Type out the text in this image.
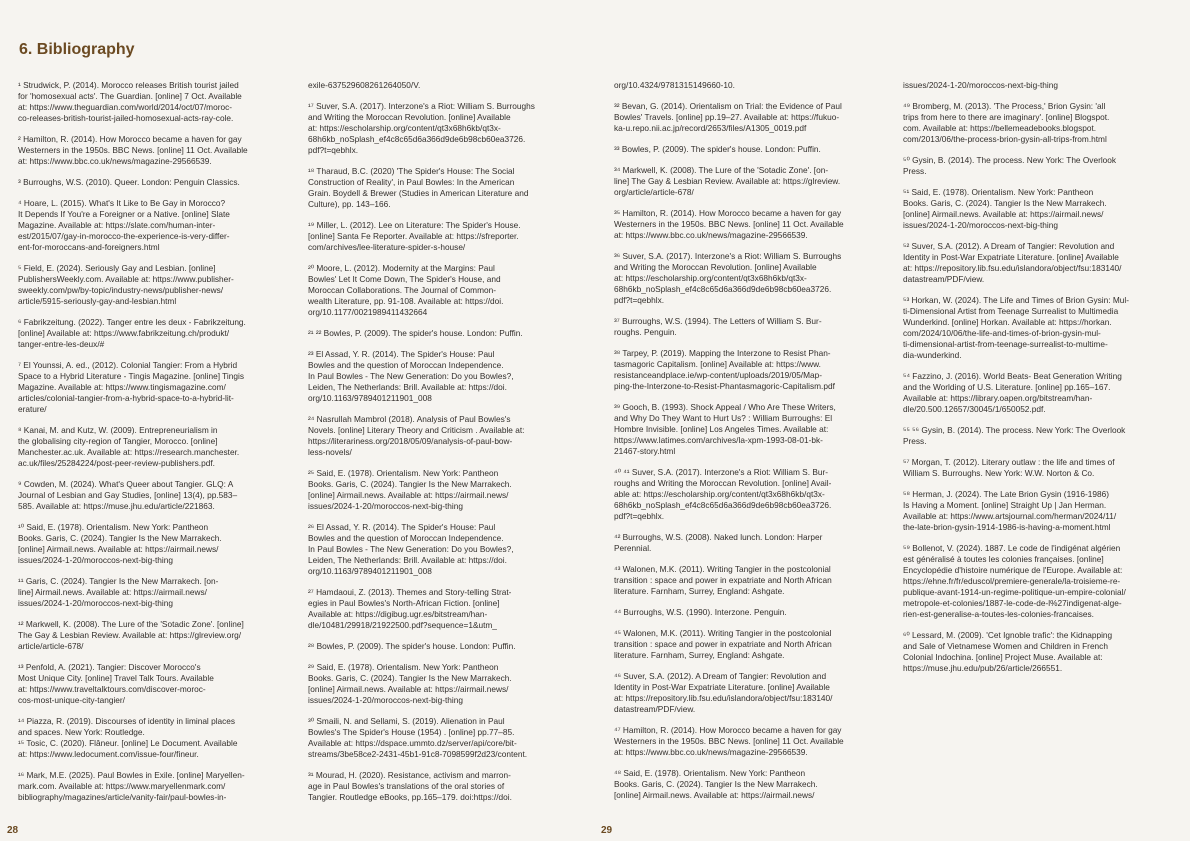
6. Bibliography

¹ Strudwick, P. (2014). Morocco releases British tourist jailed
for 'homosexual acts'. The Guardian. [online] 7 Oct. Available
at: https://www.theguardian.com/world/2014/oct/07/moroc-
co-releases-british-tourist-jailed-homosexual-acts-ray-cole.

² Hamilton, R. (2014). How Morocco became a haven for gay
Westerners in the 1950s. BBC News. [online] 11 Oct. Available
at: https://www.bbc.co.uk/news/magazine-29566539.

³ Burroughs, W.S. (2010). Queer. London: Penguin Classics.

⁴ Hoare, L. (2015). What's It Like to Be Gay in Morocco?
It Depends If You're a Foreigner or a Native. [online] Slate
Magazine. Available at: https://slate.com/human-inter-
est/2015/07/gay-in-morocco-the-experience-is-very-differ-
ent-for-moroccans-and-foreigners.html

⁵ Field, E. (2024). Seriously Gay and Lesbian. [online]
PublishersWeekly.com. Available at: https://www.publisher-
sweekly.com/pw/by-topic/industry-news/publisher-news/
article/5915-seriously-gay-and-lesbian.html

⁶ Fabrikzeitung. (2022). Tanger entre les deux - Fabrikzeitung.
[online] Available at: https://www.fabrikzeitung.ch/produkt/
tanger-entre-les-deux/#

⁷ El Younssi, A. ed., (2012). Colonial Tangier: From a Hybrid
Space to a Hybrid Literature - Tingis Magazine. [online] Tingis
Magazine. Available at: https://www.tingismagazine.com/
articles/colonial-tangier-from-a-hybrid-space-to-a-hybrid-lit-
erature/

⁸ Kanai, M. and Kutz, W. (2009). Entrepreneurialism in
the globalising city-region of Tangier, Morocco. [online]
Manchester.ac.uk. Available at: https://research.manchester.
ac.uk/files/25284224/post-peer-review-publishers.pdf.

⁹ Cowden, M. (2024). What's Queer about Tangier. GLQ: A
Journal of Lesbian and Gay Studies, [online] 13(4), pp.583–
585. Available at: https://muse.jhu.edu/article/221863.

¹⁰ Said, E. (1978). Orientalism. New York: Pantheon
Books. Garis, C. (2024). Tangier Is the New Marrakech.
[online] Airmail.news. Available at: https://airmail.news/
issues/2024-1-20/moroccos-next-big-thing

¹¹ Garis, C. (2024). Tangier Is the New Marrakech. [on-
line] Airmail.news. Available at: https://airmail.news/
issues/2024-1-20/moroccos-next-big-thing

¹² Markwell, K. (2008). The Lure of the 'Sotadic Zone'. [online]
The Gay & Lesbian Review. Available at: https://glreview.org/
article/article-678/

¹³ Penfold, A. (2021). Tangier: Discover Morocco's
Most Unique City. [online] Travel Talk Tours. Available
at: https://www.traveltalktours.com/discover-moroc-
cos-most-unique-city-tangier/

¹⁴ Piazza, R. (2019). Discourses of identity in liminal places
and spaces. New York: Routledge.
¹⁵ Tosic, C. (2020). Flâneur. [online] Le Document. Available
at: https://www.ledocument.com/issue-four/fineur.

¹⁶ Mark, M.E. (2025). Paul Bowles in Exile. [online] Maryellen-
mark.com. Available at: https://www.maryellenmark.com/
bibliography/magazines/article/vanity-fair/paul-bowles-in-

exile-637529608261264050/V.

¹⁷ Suver, S.A. (2017). Interzone's a Riot: William S. Burroughs
and Writing the Moroccan Revolution. [online] Available
at: https://escholarship.org/content/qt3x68h6kb/qt3x-
68h6kb_noSplash_ef4c8c65d6a366d9de6b98cb60ea3726.
pdf?t=qebhlx.

¹⁸ Tharaud, B.C. (2020) 'The Spider's House: The Social
Construction of Reality', in Paul Bowles: In the American
Grain. Boydell & Brewer (Studies in American Literature and
Culture), pp. 143–166.

¹⁹ Miller, L. (2012). Lee on Literature: The Spider's House.
[online] Santa Fe Reporter. Available at: https://sfreporter.
com/archives/lee-literature-spider-s-house/

²⁰ Moore, L. (2012). Modernity at the Margins: Paul
Bowles' Let It Come Down, The Spider's House, and
Moroccan Collaborations. The Journal of Common-
wealth Literature, pp. 91-108. Available at: https://doi.
org/10.1177/0021989411432664

²¹ ²² Bowles, P. (2009). The spider's house. London: Puffin.

²³ El Assad, Y. R. (2014). The Spider's House: Paul
Bowles and the question of Moroccan Independence.
In Paul Bowles - The New Generation: Do you Bowles?,
Leiden, The Netherlands: Brill. Available at: https://doi.
org/10.1163/9789401211901_008

²⁴ Nasrullah Mambrol (2018). Analysis of Paul Bowles's
Novels. [online] Literary Theory and Criticism . Available at:
https://literariness.org/2018/05/09/analysis-of-paul-bow-
less-novels/

²⁵ Said, E. (1978). Orientalism. New York: Pantheon
Books. Garis, C. (2024). Tangier Is the New Marrakech.
[online] Airmail.news. Available at: https://airmail.news/
issues/2024-1-20/moroccos-next-big-thing

²⁶ El Assad, Y. R. (2014). The Spider's House: Paul
Bowles and the question of Moroccan Independence.
In Paul Bowles - The New Generation: Do you Bowles?,
Leiden, The Netherlands: Brill. Available at: https://doi.
org/10.1163/9789401211901_008

²⁷ Hamdaoui, Z. (2013). Themes and Story-telling Strat-
egies in Paul Bowles's North-African Fiction. [online]
Available at: https://digibug.ugr.es/bitstream/han-
dle/10481/29918/21922500.pdf?sequence=1&utm_

²⁸ Bowles, P. (2009). The spider's house. London: Puffin.

²⁹ Said, E. (1978). Orientalism. New York: Pantheon
Books. Garis, C. (2024). Tangier Is the New Marrakech.
[online] Airmail.news. Available at: https://airmail.news/
issues/2024-1-20/moroccos-next-big-thing

³⁰ Smaili, N. and Sellami, S. (2019). Alienation in Paul
Bowles's The Spider's House (1954) . [online] pp.77–85.
Available at: https://dspace.ummto.dz/server/api/core/bit-
streams/3be58ce2-2431-45b1-91c8-7098599f2d23/content.

³¹ Mourad, H. (2020). Resistance, activism and marron-
age in Paul Bowles's translations of the oral stories of
Tangier. Routledge eBooks, pp.165–179. doi:https://doi.

org/10.4324/9781315149660-10.

³² Bevan, G. (2014). Orientalism on Trial: the Evidence of Paul
Bowles' Travels. [online] pp.19–27. Available at: https://fukuo-
ka-u.repo.nii.ac.jp/record/2653/files/A1305_0019.pdf

³³ Bowles, P. (2009). The spider's house. London: Puffin.

³⁴ Markwell, K. (2008). The Lure of the 'Sotadic Zone'. [on-
line] The Gay & Lesbian Review. Available at: https://glreview.
org/article/article-678/

³⁵ Hamilton, R. (2014). How Morocco became a haven for gay
Westerners in the 1950s. BBC News. [online] 11 Oct. Available
at: https://www.bbc.co.uk/news/magazine-29566539.

³⁶ Suver, S.A. (2017). Interzone's a Riot: William S. Burroughs
and Writing the Moroccan Revolution. [online] Available
at: https://escholarship.org/content/qt3x68h6kb/qt3x-
68h6kb_noSplash_ef4c8c65d6a366d9de6b98cb60ea3726.
pdf?t=qebhlx.

³⁷ Burroughs, W.S. (1994). The Letters of William S. Bur-
roughs. Penguin.

³⁸ Tarpey, P. (2019). Mapping the Interzone to Resist Phan-
tasmagoric Capitalism. [online] Available at: https://www.
resistanceandplace.ie/wp-content/uploads/2019/05/Map-
ping-the-Interzone-to-Resist-Phantasmagoric-Capitalism.pdf

³⁹ Gooch, B. (1993). Shock Appeal / Who Are These Writers,
and Why Do They Want to Hurt Us? : William Burroughs: El
Hombre Invisible. [online] Los Angeles Times. Available at:
https://www.latimes.com/archives/la-xpm-1993-08-01-bk-
21467-story.html

⁴⁰ ⁴¹ Suver, S.A. (2017). Interzone's a Riot: William S. Bur-
roughs and Writing the Moroccan Revolution. [online] Avail-
able at: https://escholarship.org/content/qt3x68h6kb/qt3x-
68h6kb_noSplash_ef4c8c65d6a366d9de6b98cb60ea3726.
pdf?t=qebhlx.

⁴² Burroughs, W.S. (2008). Naked lunch. London: Harper
Perennial.

⁴³ Walonen, M.K. (2011). Writing Tangier in the postcolonial
transition : space and power in expatriate and North African
literature. Farnham, Surrey, England: Ashgate.

⁴⁴ Burroughs, W.S. (1990). Interzone. Penguin.

⁴⁵ Walonen, M.K. (2011). Writing Tangier in the postcolonial
transition : space and power in expatriate and North African
literature. Farnham, Surrey, England: Ashgate.

⁴⁶ Suver, S.A. (2012). A Dream of Tangier: Revolution and
Identity in Post-War Expatriate Literature. [online] Available
at: https://repository.lib.fsu.edu/islandora/object/fsu:183140/
datastream/PDF/view.

⁴⁷ Hamilton, R. (2014). How Morocco became a haven for gay
Westerners in the 1950s. BBC News. [online] 11 Oct. Available
at: https://www.bbc.co.uk/news/magazine-29566539.

⁴⁸ Said, E. (1978). Orientalism. New York: Pantheon
Books. Garis, C. (2024). Tangier Is the New Marrakech.
[online] Airmail.news. Available at: https://airmail.news/

issues/2024-1-20/moroccos-next-big-thing

⁴⁹ Bromberg, M. (2013). 'The Process,' Brion Gysin: 'all
trips from here to there are imaginary'. [online] Blogspot.
com. Available at: https://bellemeadebooks.blogspot.
com/2013/06/the-process-brion-gysin-all-trips-from.html

⁵⁰ Gysin, B. (2014). The process. New York: The Overlook
Press.

⁵¹ Said, E. (1978). Orientalism. New York: Pantheon
Books. Garis, C. (2024). Tangier Is the New Marrakech.
[online] Airmail.news. Available at: https://airmail.news/
issues/2024-1-20/moroccos-next-big-thing

⁵² Suver, S.A. (2012). A Dream of Tangier: Revolution and
Identity in Post-War Expatriate Literature. [online] Available
at: https://repository.lib.fsu.edu/islandora/object/fsu:183140/
datastream/PDF/view.

⁵³ Horkan, W. (2024). The Life and Times of Brion Gysin: Mul-
ti-Dimensional Artist from Teenage Surrealist to Multimedia
Wunderkind. [online] Horkan. Available at: https://horkan.
com/2024/10/06/the-life-and-times-of-brion-gysin-mul-
ti-dimensional-artist-from-teenage-surrealist-to-multime-
dia-wunderkind.

⁵⁴ Fazzino, J. (2016). World Beats- Beat Generation Writing
and the Worlding of U.S. Literature. [online] pp.165–167.
Available at: https://library.oapen.org/bitstream/han-
dle/20.500.12657/30045/1/650052.pdf.

⁵⁵ ⁵⁶ Gysin, B. (2014). The process. New York: The Overlook
Press.

⁵⁷ Morgan, T. (2012). Literary outlaw : the life and times of
William S. Burroughs. New York: W.W. Norton & Co.

⁵⁸ Herman, J. (2024). The Late Brion Gysin (1916-1986)
Is Having a Moment. [online] Straight Up | Jan Herman.
Available at: https://www.artsjournal.com/herman/2024/11/
the-late-brion-gysin-1914-1986-is-having-a-moment.html

⁵⁹ Bollenot, V. (2024). 1887. Le code de l'indigénat algérien
est généralisé à toutes les colonies françaises. [online]
Encyclopédie d'histoire numérique de l'Europe. Available at:
https://ehne.fr/fr/eduscol/premiere-generale/la-troisieme-re-
publique-avant-1914-un-regime-politique-un-empire-colonial/
metropole-et-colonies/1887-le-code-de-l%27indigenat-alge-
rien-est-generalise-a-toutes-les-colonies-francaises.

⁶⁰ Lessard, M. (2009). 'Cet Ignoble trafic': the Kidnapping
and Sale of Vietnamese Women and Children in French
Colonial Indochina. [online] Project Muse. Available at:
https://muse.jhu.edu/pub/26/article/266551.

28	29
